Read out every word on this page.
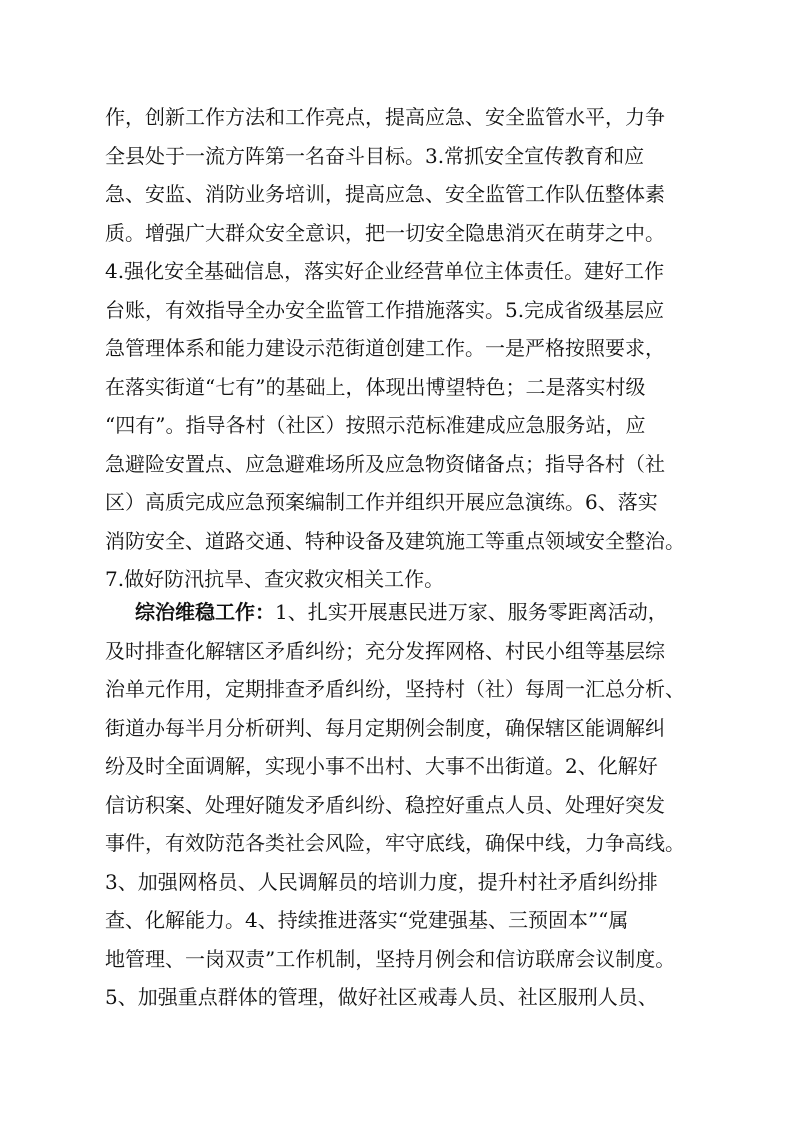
作，创新工作方法和工作亮点，提高应急、安全监管水平，力争
全县处于一流方阵第一名奋斗目标。3.常抓安全宣传教育和应
急、安监、消防业务培训，提高应急、安全监管工作队伍整体素
质。增强广大群众安全意识，把一切安全隐患消灭在萌芽之中。
4.强化安全基础信息，落实好企业经营单位主体责任。建好工作
台账，有效指导全办安全监管工作措施落实。5.完成省级基层应
急管理体系和能力建设示范街道创建工作。一是严格按照要求，
在落实街道“七有”的基础上，体现出博望特色；二是落实村级
“四有”。指导各村（社区）按照示范标准建成应急服务站，应
急避险安置点、应急避难场所及应急物资储备点；指导各村（社
区）高质完成应急预案编制工作并组织开展应急演练。6、落实
消防安全、道路交通、特种设备及建筑施工等重点领域安全整治。
7.做好防汛抗旱、查灾救灾相关工作。
综治维稳工作：1、扎实开展惠民进万家、服务零距离活动，
及时排查化解辖区矛盾纠纷；充分发挥网格、村民小组等基层综
治单元作用，定期排查矛盾纠纷，坚持村（社）每周一汇总分析、
街道办每半月分析研判、每月定期例会制度，确保辖区能调解纠
纷及时全面调解，实现小事不出村、大事不出街道。2、化解好
信访积案、处理好随发矛盾纠纷、稳控好重点人员、处理好突发
事件，有效防范各类社会风险，牢守底线，确保中线，力争高线。
3、加强网格员、人民调解员的培训力度，提升村社矛盾纠纷排
查、化解能力。4、持续推进落实“党建强基、三预固本”“属
地管理、一岗双责”工作机制，坚持月例会和信访联席会议制度。
5、加强重点群体的管理，做好社区戒毒人员、社区服刑人员、
